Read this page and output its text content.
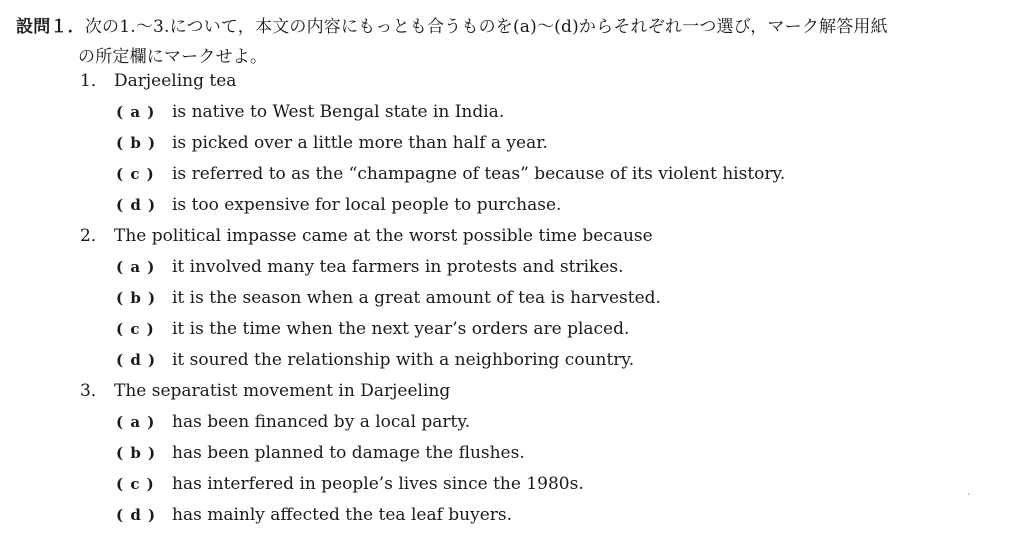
設問１．次の1.～3.について，本文の内容にもっとも合うものを(a)～(d)からそれぞれ一つ選び，マーク解答用紙
の所定欄にマークせよ。
1． Darjeeling tea
( a ) is native to West Bengal state in India.
( b ) is picked over a little more than half a year.
( c ) is referred to as the “champagne of teas” because of its violent history.
( d ) is too expensive for local people to purchase.
2． The political impasse came at the worst possible time because
( a ) it involved many tea farmers in protests and strikes.
( b ) it is the season when a great amount of tea is harvested.
( c ) it is the time when the next year’s orders are placed.
( d ) it soured the relationship with a neighboring country.
3． The separatist movement in Darjeeling
( a ) has been financed by a local party.
( b ) has been planned to damage the flushes.
( c ) has interfered in people’s lives since the 1980s.
( d ) has mainly affected the tea leaf buyers.
